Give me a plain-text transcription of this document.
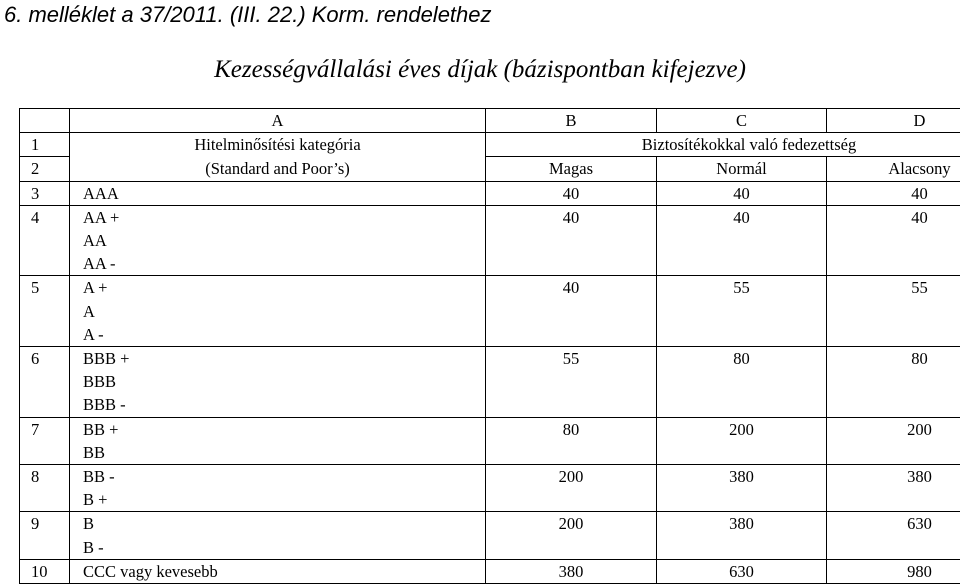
6. melléklet a 37/2011. (III. 22.) Korm. rendelethez
Kezességvállalási éves díjak (bázispontban kifejezve)
	A	B	C	D
1	Hitelminősítési kategória	Biztosítékokkal való fedezettség		
2	(Standard and Poor’s)	Magas	Normál	Alacsony
3	AAA	40	40	40
4	AA +
AA
AA -	40	40	40
5	A +
A
A -	40	55	55
6	BBB +
BBB
BBB -	55	80	80
7	BB +
BB	80	200	200
8	BB -
B +	200	380	380
9	B
B -	200	380	630
10	CCC vagy kevesebb	380	630	980
